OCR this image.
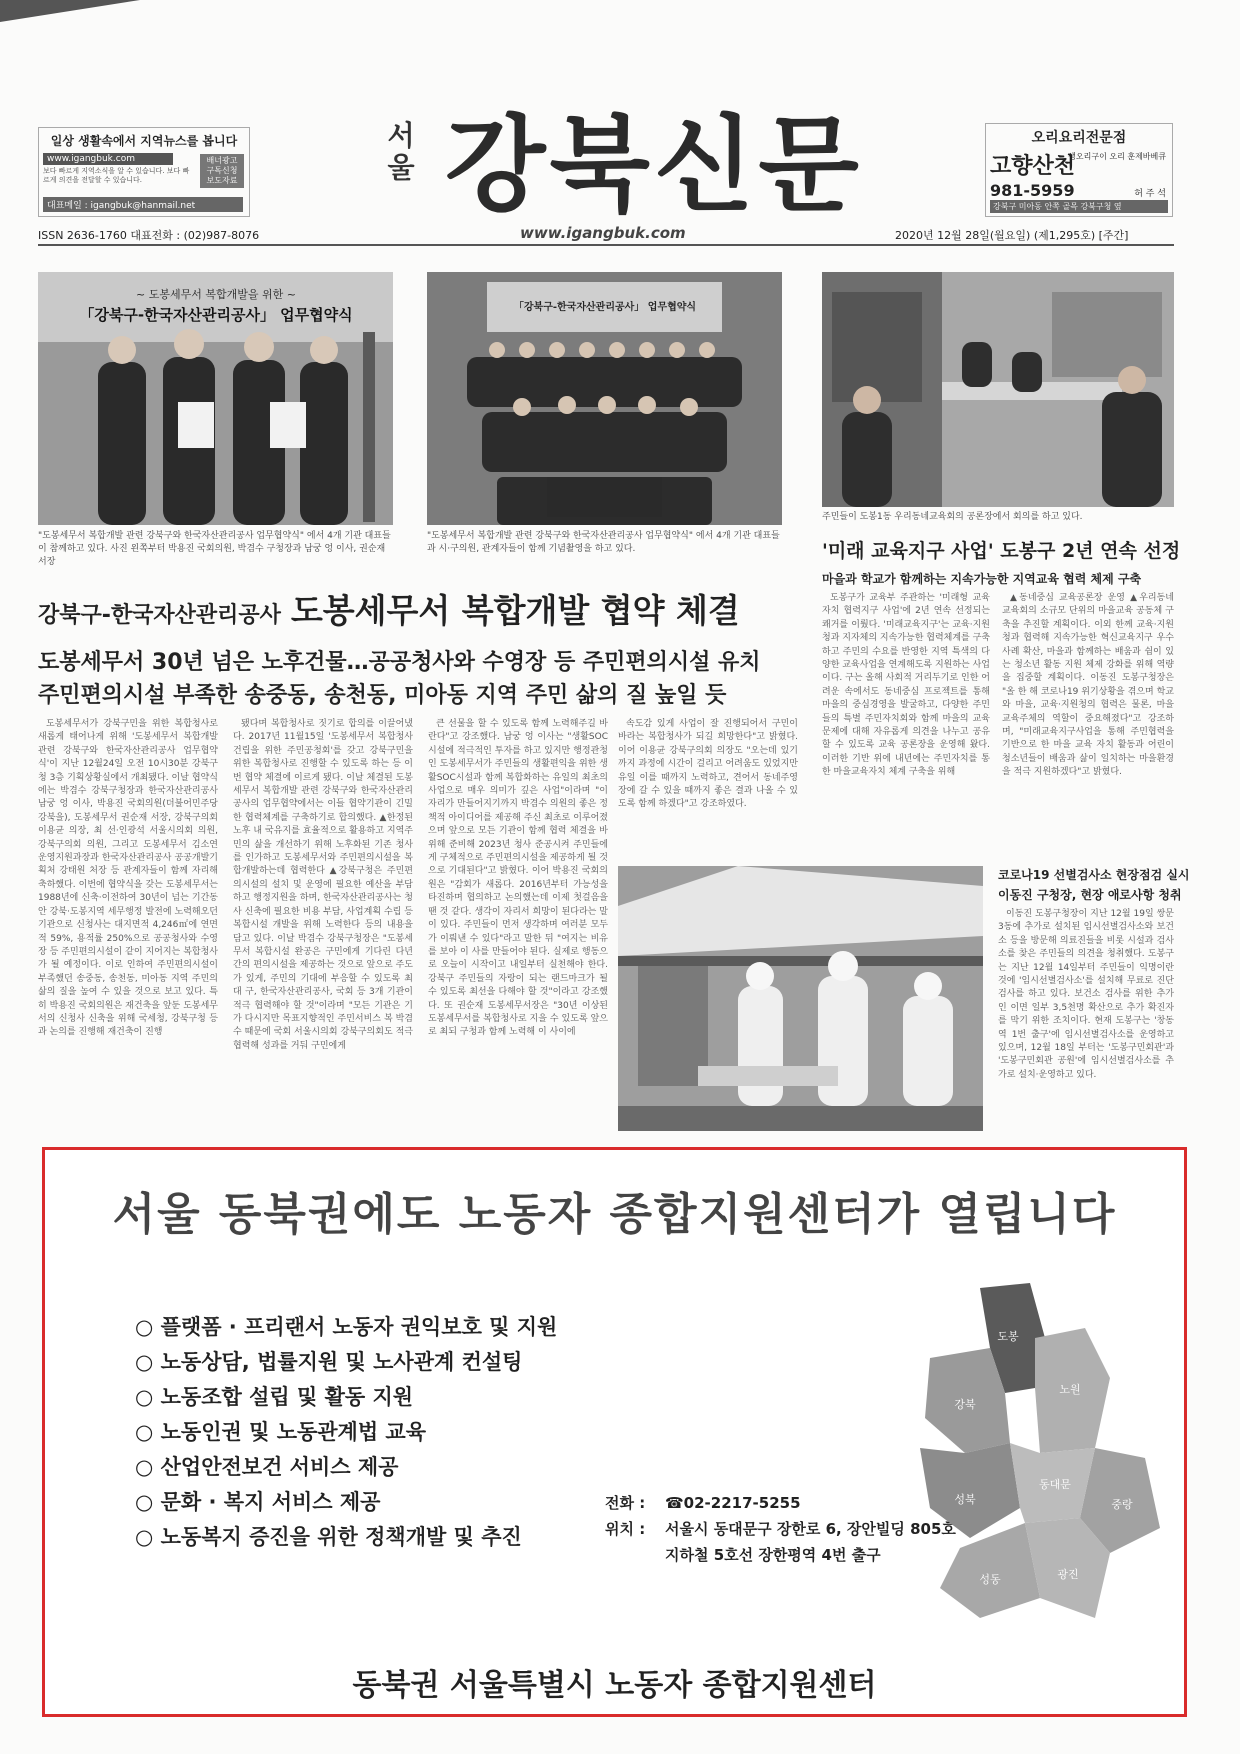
일상 생활속에서 지역뉴스를 봅니다
www.igangbuk.com
보다 빠르게 지역소식을 알 수 있습니다. 보다 빠르게 의견을 전달할 수 있습니다.
배너광고 구독신청 보도자료
대표메일 : igangbuk@hanmail.net
서울 강북신문	오리요리전문점
고향산천
생오리구이 오리 훈제바베큐
981-5959	허 주 석
강북구 미아동 안쪽 골목 강북구청 옆
ISSN 2636-1760 대표전화 : (02)987-8076	www.igangbuk.com	2020년 12월 28일(월요일) (제1,295호) [주간]
~ 도봉세무서 복합개발을 위한 ~
「강북구-한국자산관리공사」 업무협약식
"도봉세무서 복합개발 관련 강북구와 한국자산관리공사 업무협약식" 에서 4개 기관 대표들이 참께하고 있다. 사진 왼쪽부터 박용진 국회의원, 박겸수 구청장과 남궁 엉 이사, 권순재 서장
「강북구-한국자산관리공사」 업무협약식
"도봉세무서 복합개발 관련 강북구와 한국자산관리공사 업무협약식" 에서 4개 기관 대표들과 시·구의원, 관계자들이 함께 기념촬영을 하고 있다.
주민들이 도봉1동 우리동네교육회의 공론장에서 회의를 하고 있다.
강북구-한국자산관리공사 도봉세무서 복합개발 협약 체결
도봉세무서 30년 넘은 노후건물…공공청사와 수영장 등 주민편의시설 유치
주민편의시설 부족한 송중동, 송천동, 미아동 지역 주민 삶의 질 높일 듯

도봉세무서가 강북구민을 위한 복합청사로 새롭게 태어나게 위해 '도봉세무서 복합개발 관련 강북구와 한국자산관리공사 업무협약식'이 지난 12월24일 오전 10시30분 강북구청 3층 기획상황실에서 개최됐다. 이날 협약식에는 박겸수 강북구청장과 한국자산관리공사 남궁 엉 이사, 박용진 국회의원(더불어민주당 강북을), 도봉세무서 권순재 서장, 강북구의회 이용균 의장, 최 선·인광석 서울시의회 의원, 강북구의회 의원, 그리고 도봉세무서 김소연 운영지원과장과 한국자산관리공사 공공개발기획처 강태원 처장 등 관계자들이 함께 자리해 축하했다. 이번에 협약식을 갖는 도봉세무서는 1988년에 신축·이전하여 30년이 넘는 기간동안 강북·도봉지역 세무행정 발전에 노력해오던 기관으로 신청사는 대지면적 4,246㎡에 연면적 59%, 용적률 250%으로 공공청사와 수영장 등 주민편의시설이 같이 지어지는 복합청사가 될 예정이다. 이로 인하여 주민편의시설이 부족했던 송중동, 송천동, 미아동 지역 주민의 삶의 질을 높여 수 있을 것으로 보고 있다. 특히 박용진 국회의원은 재건축을 앞둔 도봉세무서의 신청사 신축을 위해 국세청, 강북구청 등과 논의를 진행해 재건축이 진행

됐다며 복합청사로 짓기로 합의를 이끌어냈다. 2017년 11월15일 '도봉세무서 복합청사 건립을 위한 주민공청회'를 갖고 강북구민을 위한 복합청사로 진행할 수 있도록 하는 등 이번 협약 체결에 이르게 됐다. 이날 체결된 도봉세무서 복합개발 관련 강북구와 한국자산관리공사의 업무협약에서는 이들 협약기관이 긴밀한 협력체계를 구축하기로 합의했다. ▲한정된 노후 내 국유지를 효율적으로 활용하고 지역주민의 삶을 개선하기 위해 노후화된 기존 청사를 인가하고 도봉세무서와 주민편의시설을 복합개발하는데 협력한다 ▲강북구청은 주민편의시설의 설치 및 운영에 필요한 예산을 부담하고 행정지원을 하며, 한국자산관리공사는 청사 신축에 필요한 비용 부담, 사업계획 수립 등 복합시설 개발을 위해 노력한다 등의 내용을 담고 있다. 이날 박겸수 강북구청장은 "도봉세무서 복합시설 완공은 구민에게 기다린 다년 간의 편의시설을 제공하는 것으로 앞으로 주도가 있게, 주민의 기대에 부응할 수 있도록 최 대 구, 한국자산관리공사, 국회 등 3개 기관이 적극 협력해야 할 것"이라며 "모든 기관은 기가 다시지만 목표지향적인 주민서비스 복 박겸수 때문에 국회 서울시의회 강북구의회도 적극 협력해 성과를 거둬 구민에게

큰 선물을 할 수 있도록 함께 노력해주길 바란다"고 강조했다. 남궁 엉 이사는 "생활SOC시설에 적극적인 투자를 하고 있지만 행정관청인 도봉세무서가 주민들의 생활편익을 위한 생활SOC시설과 함께 복합화하는 유일의 최초의 사업으로 매우 의미가 깊은 사업"이라며 "이 자리가 만들어지기까지 박겸수 의원의 좋은 정책적 아이디어를 제공해 주신 최초로 이루어졌으며 앞으로 모든 기관이 함께 협력 체결을 바위해 준비해 2023년 청사 준공시켜 주민들에게 구체적으로 주민편의시설을 제공하게 될 것으로 기대된다"고 밝혔다. 이어 박용진 국회의원은 "감회가 새롭다. 2016년부터 가능성을 타진하며 협의하고 논의했는데 이제 첫걸음을 땐 것 같다. 생각이 자리서 희망이 된다라는 말이 있다. 주민들이 먼저 생각하며 여러분 모두가 이뤄낸 수 있다"라고 말한 뒤 "여지는 비유를 보아 이 사를 만들어야 된다. 실제로 행동으로 오늘이 시작이고 내일부터 실천해야 한다. 강북구 주민들의 자랑이 되는 랜드마크가 될 수 있도록 최선을 다해야 할 것"이라고 강조했다. 또 권순재 도봉세무서장은 "30년 이상된 도봉세무서를 복합청사로 지을 수 있도록 앞으로 최되 구청과 함께 노력해 이 사이에

속도감 있게 사업이 잘 진행되어서 구민이 바라는 복합청사가 되길 희망한다"고 밝혔다. 이어 이용균 강북구의회 의장도 "오는데 있기까지 과정에 시간이 걸리고 어려움도 있었지만 유일 이를 때까지 노력하고, 견어서 동네주영장에 갈 수 있을 때까지 좋은 결과 나올 수 있도록 함께 하겠다"고 강조하였다.

'미래 교육지구 사업' 도봉구 2년 연속 선정
마을과 학교가 함께하는 지속가능한 지역교육 협력 체제 구축

도봉구가 교육부 주관하는 '미래형 교육자치 협력지구 사업'에 2년 연속 선정되는 쾌거를 이뤘다. '미래교육지구'는 교육·지원청과 지자체의 지속가능한 협력체계를 구축하고 주민의 수요를 반영한 지역 특색의 다양한 교육사업을 연계해도록 지원하는 사업이다. 구는 올해 사회적 거리두기로 인한 어려운 속에서도 동네중심 프로젝트를 통해 마을의 중심경영을 발굴하고, 다양한 주민들의 특별 주민자치회와 함께 마을의 교육문제에 대해 자유롭게 의견을 나누고 공유할 수 있도록 교육 공론장을 운영해 왔다. 이러한 기반 위에 내년에는 주민자치를 통한 마을교육자치 체계 구축을 위해

▲동네중심 교육공론장 운영 ▲우리동네 교육회의 소규모 단위의 마을교육 공동체 구축을 추진할 계획이다. 이외 한께 교육·지원청과 협력해 지속가능한 혁신교육지구 우수사례 확산, 마을과 함께하는 배움과 쉼이 있는 청소년 활동 지원 체제 강화를 위해 역량을 집중할 계획이다. 이동진 도봉구청장은 "올 한 해 코로나19 위기상황을 겪으며 학교와 마을, 교육·지원청의 협력은 물론, 마을 교육주체의 역할이 중요해졌다"고 강조하며, "미래교육지구사업을 통해 주민협력을 기반으로 한 마을 교육 자치 활동과 어린이 청소년들이 배움과 삶이 일치하는 마을환경을 적극 지원하겠다"고 밝혔다.

코로나19 선별검사소 현장점검 실시
이동진 구청장, 현장 애로사항 청취

이동진 도봉구청장이 지난 12월 19일 쌍문3동에 추가로 설치된 임시선별검사소와 보건소 등을 방문해 의료진들을 비롯 시설과 검사소를 찾은 주민들의 의견을 청취했다. 도봉구는 지난 12월 14일부터 주민들이 익명이란 것에 '임시선별검사소'를 설치해 무료로 진단검사를 하고 있다. 보건소 검사를 위한 추가인 이면 일부 3,5천명 확산으로 추가 확진자를 막기 위한 조치이다. 현재 도봉구는 '창동역 1번 출구'에 임시선별검사소를 운영하고 있으며, 12월 18일 부터는 '도봉구민회관'과 '도봉구민회관 공원'에 임시선별검사소를 추가로 설치·운영하고 있다.

서울 동북권에도 노동자 종합지원센터가 열립니다
○ 플랫폼 · 프리랜서 노동자 권익보호 및 지원
○ 노동상담, 법률지원 및 노사관계 컨설팅
○ 노동조합 설립 및 활동 지원
○ 노동인권 및 노동관계법 교육
○ 산업안전보건 서비스 제공
○ 문화 · 복지 서비스 제공
○ 노동복지 증진을 위한 정책개발 및 추진
전화 : ☎02-2217-5255
위치 : 서울시 동대문구 장한로 6, 장안빌딩 805호
지하철 5호선 장한평역 4번 출구
도봉
강북
노원
성북	중랑
동대문
성동	광진
동북권 서울특별시 노동자 종합지원센터
